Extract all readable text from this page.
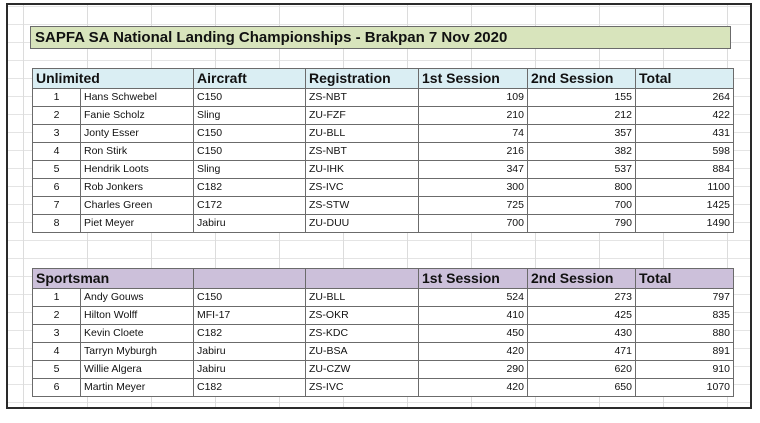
SAPFA SA National Landing Championships - Brakpan 7 Nov 2020
Unlimited		Aircraft	Registration	1st Session	2nd Session	Total
1	Hans Schwebel	C150	ZS-NBT	109	155	264
2	Fanie Scholz	Sling	ZU-FZF	210	212	422
3	Jonty Esser	C150	ZU-BLL	74	357	431
4	Ron Stirk	C150	ZS-NBT	216	382	598
5	Hendrik Loots	Sling	ZU-IHK	347	537	884
6	Rob Jonkers	C182	ZS-IVC	300	800	1100
7	Charles Green	C172	ZS-STW	725	700	1425
8	Piet Meyer	Jabiru	ZU-DUU	700	790	1490
Sportsman				1st Session	2nd Session	Total
1	Andy Gouws	C150	ZU-BLL	524	273	797
2	Hilton Wolff	MFI-17	ZS-OKR	410	425	835
3	Kevin Cloete	C182	ZS-KDC	450	430	880
4	Tarryn Myburgh	Jabiru	ZU-BSA	420	471	891
5	Willie Algera	Jabiru	ZU-CZW	290	620	910
6	Martin Meyer	C182	ZS-IVC	420	650	1070
